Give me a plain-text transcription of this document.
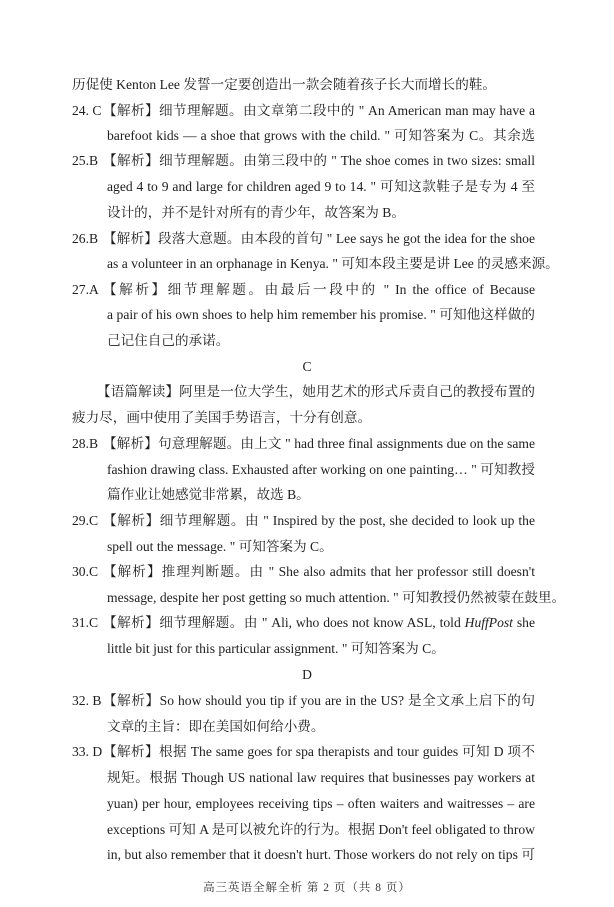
历促使 Kenton Lee 发誓一定要创造出一款会随着孩子长大而增长的鞋。
24. C 【解析】细节理解题。由文章第二段中的 " An American man may have a
barefoot kids — a shoe that grows with the child. " 可知答案为 C。其余选
25.B 【解析】细节理解题。由第三段中的 " The shoe comes in two sizes: small
aged 4 to 9 and large for children aged 9 to 14. " 可知这款鞋子是专为 4 至
设计的，并不是针对所有的青少年，故答案为 B。
26.B 【解析】段落大意题。由本段的首句 " Lee says he got the idea for the shoe
as a volunteer in an orphanage in Kenya. " 可知本段主要是讲 Lee 的灵感来源。
27.A 【解析】细节理解题。由最后一段中的 " In the office of Because
a pair of his own shoes to help him remember his promise. " 可知他这样做的
己记住自己的承诺。
C
【语篇解读】阿里是一位大学生，她用艺术的形式斥责自己的教授布置的
疲力尽，画中使用了美国手势语言，十分有创意。
28.B 【解析】句意理解题。由上文 " had three final assignments due on the same
fashion drawing class. Exhausted after working on one painting… " 可知教授
篇作业让她感觉非常累，故选 B。
29.C 【解析】细节理解题。由 " Inspired by the post, she decided to look up the
spell out the message. " 可知答案为 C。
30.C 【解析】推理判断题。由 " She also admits that her professor still doesn't
message, despite her post getting so much attention. " 可知教授仍然被蒙在鼓里。
31.C 【解析】细节理解题。由 " Ali, who does not know ASL, told HuffPost she
little bit just for this particular assignment. " 可知答案为 C。
D
32. B 【解析】So how should you tip if you are in the US? 是全文承上启下的句
文章的主旨：即在美国如何给小费。
33. D 【解析】根据 The same goes for spa therapists and tour guides 可知 D 项不
规矩。根据 Though US national law requires that businesses pay workers at
yuan) per hour, employees receiving tips – often waiters and waitresses – are
exceptions 可知 A 是可以被允许的行为。根据 Don't feel obligated to throw
in, but also remember that it doesn't hurt. Those workers do not rely on tips 可
高三英语全解全析 第 2 页（共 8 页）
